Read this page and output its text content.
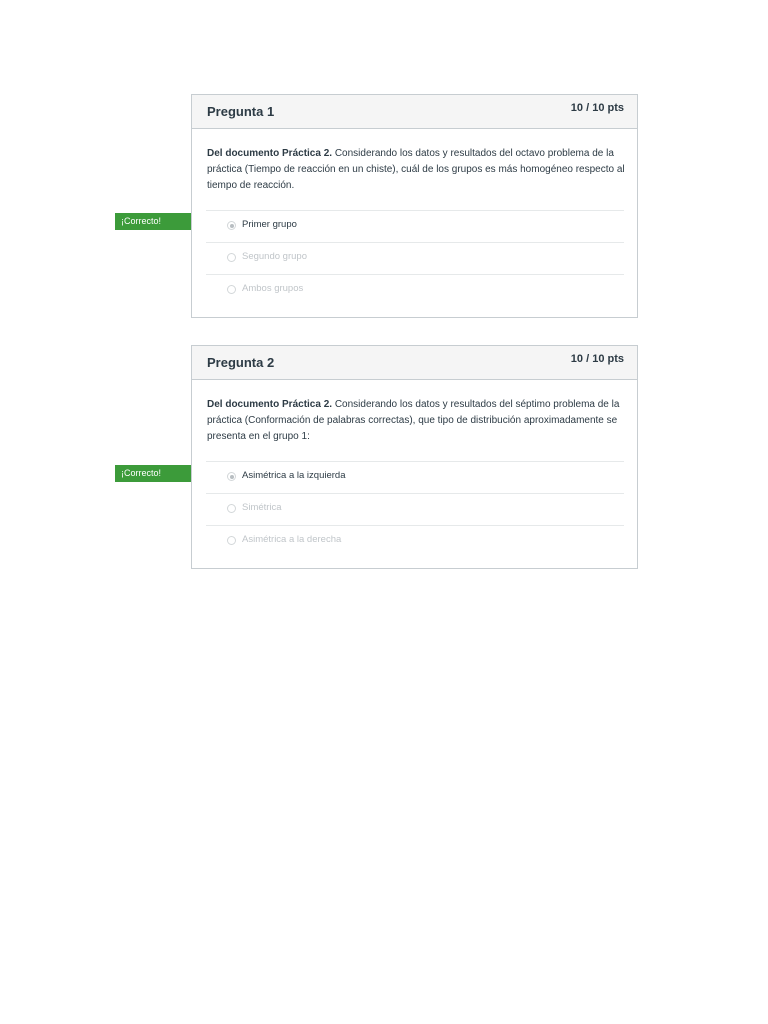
¡Correcto!
¡Correcto!
Pregunta 1	10 / 10 pts
Del documento Práctica 2. Considerando los datos y resultados del octavo problema de la práctica (Tiempo de reacción en un chiste), cuál de los grupos es más homogéneo respecto al tiempo de reacción.
Primer grupo
Segundo grupo
Ambos grupos
Pregunta 2	10 / 10 pts
Del documento Práctica 2. Considerando los datos y resultados del séptimo problema de la práctica (Conformación de palabras correctas), que tipo de distribución aproximadamente se presenta en el grupo 1:
Asimétrica a la izquierda
Simétrica
Asimétrica a la derecha
